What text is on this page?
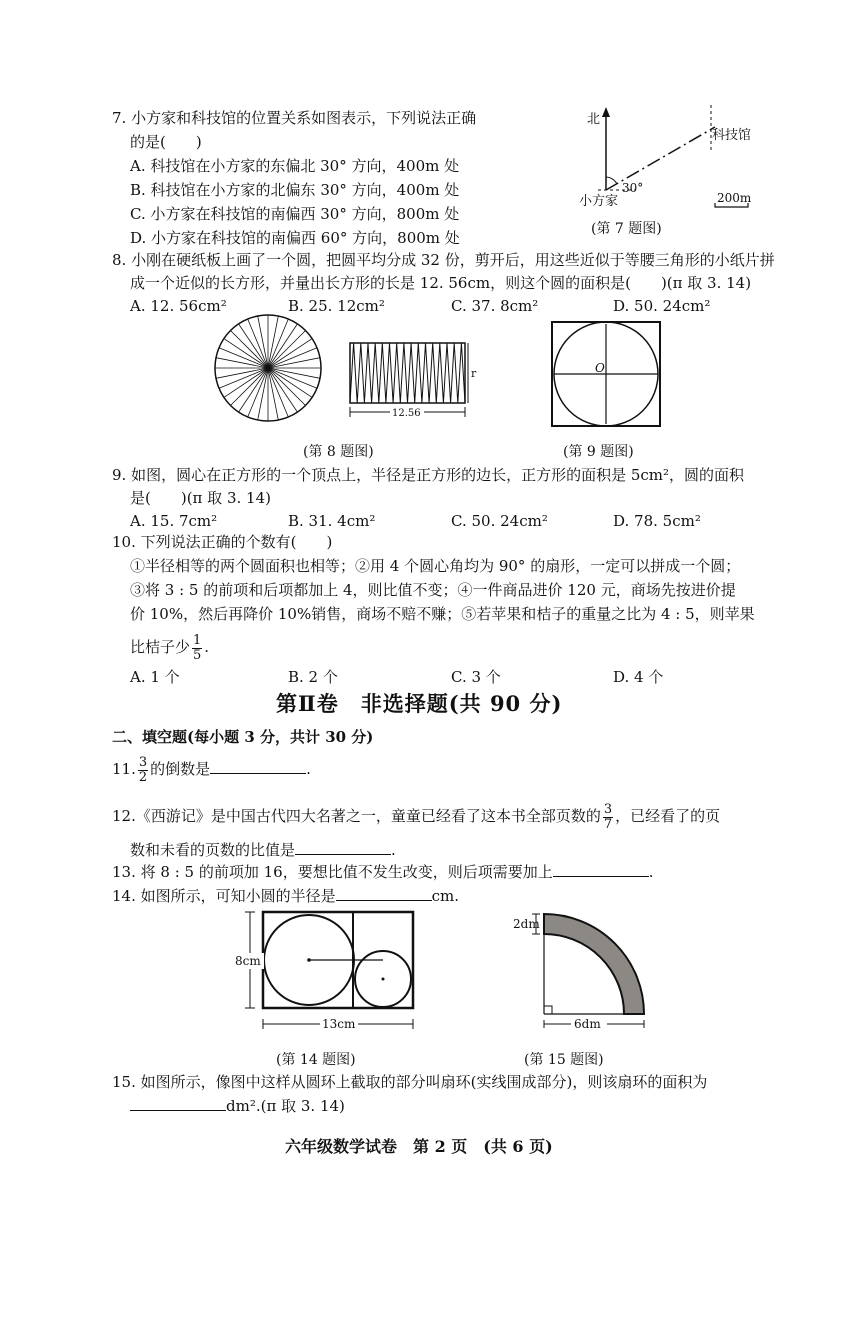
7. 小方家和科技馆的位置关系如图表示，下列说法正确
的是(　　)
A. 科技馆在小方家的东偏北 30° 方向，400m 处
B. 科技馆在小方家的北偏东 30° 方向，400m 处
C. 小方家在科技馆的南偏西 30° 方向，800m 处
D. 小方家在科技馆的南偏西 60° 方向，800m 处
北
30°
科技馆
小方家	200m
(第 7 题图)
8. 小刚在硬纸板上画了一个圆，把圆平均分成 32 份，剪开后，用这些近似于等腰三角形的小纸片拼
成一个近似的长方形，并量出长方形的长是 12. 56cm，则这个圆的面积是(　　)(π 取 3. 14)
A. 12. 56cm²	B. 25. 12cm²	C. 37. 8cm²	D. 50. 24cm²
r
12.56
(第 8 题图)
O
(第 9 题图)
9. 如图，圆心在正方形的一个顶点上，半径是正方形的边长，正方形的面积是 5cm²，圆的面积
是(　　)(π 取 3. 14)
A. 15. 7cm²	B. 31. 4cm²	C. 50. 24cm²	D. 78. 5cm²
10. 下列说法正确的个数有(　　)
①半径相等的两个圆面积也相等；②用 4 个圆心角均为 90° 的扇形，一定可以拼成一个圆；
③将 3 : 5 的前项和后项都加上 4，则比值不变；④一件商品进价 120 元，商场先按进价提
价 10%，然后再降价 10%销售，商场不赔不赚；⑤若苹果和桔子的重量之比为 4 : 5，则苹果
比桔子少 $\frac{1}{5}$ .
A. 1 个	B. 2 个	C. 3 个	D. 4 个
第Ⅱ卷　非选择题(共 90 分)
二、填空题(每小题 3 分，共计 30 分)
11. $\frac{3}{2}$ 的倒数是	.
12.《西游记》是中国古代四大名著之一，童童已经看了这本书全部页数的 $\frac{3}{7}$ ，已经看了的页
数和未看的页数的比值是	.
13. 将 8 : 5 的前项加 16，要想比值不发生改变，则后项需要加上	.
14. 如图所示，可知小圆的半径是	cm.
8cm
13cm
(第 14 题图)
2dm
6dm
(第 15 题图)
15. 如图所示，像图中这样从圆环上截取的部分叫扇环(实线围成部分)，则该扇环的面积为
dm².(π 取 3. 14)
六年级数学试卷　第 2 页　(共 6 页)
